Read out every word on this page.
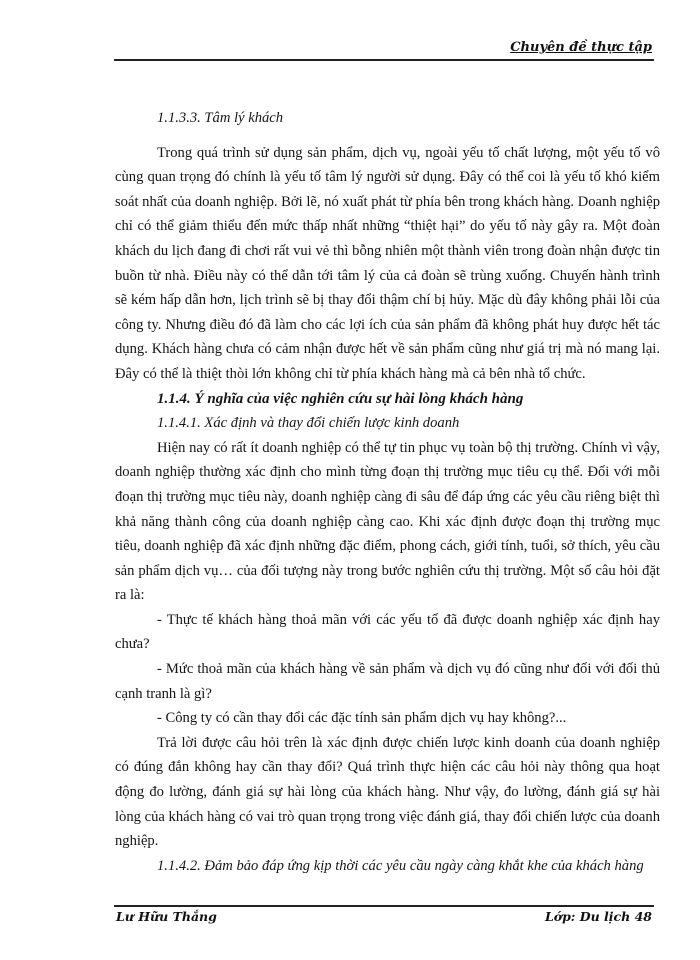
Chuyên đề thực tập

1.1.3.3. Tâm lý khách

Trong quá trình sử dụng sản phẩm, dịch vụ, ngoài yếu tố chất lượng, một yếu tố vô cùng quan trọng đó chính là yếu tố tâm lý người sử dụng. Đây có thể coi là yếu tố khó kiểm soát nhất của doanh nghiệp. Bởi lẽ, nó xuất phát từ phía bên trong khách hàng. Doanh nghiệp chỉ có thể giảm thiểu đến mức thấp nhất những “thiệt hại” do yếu tố này gây ra. Một đoàn khách du lịch đang đi chơi rất vui vẻ thì bỗng nhiên một thành viên trong đoàn nhận được tin buồn từ nhà. Điều này có thể dẫn tới tâm lý của cả đoàn sẽ trùng xuống. Chuyến hành trình sẽ kém hấp dẫn hơn, lịch trình sẽ bị thay đổi thậm chí bị hủy. Mặc dù đây không phải lỗi của công ty. Nhưng điều đó đã làm cho các lợi ích của sản phẩm đã không phát huy được hết tác dụng. Khách hàng chưa có cảm nhận được hết về sản phẩm cũng như giá trị mà nó mang lại. Đây có thể là thiệt thòi lớn không chỉ từ phía khách hàng mà cả bên nhà tổ chức.

1.1.4. Ý nghĩa của việc nghiên cứu sự hài lòng khách hàng

1.1.4.1. Xác định và thay đổi chiến lược kinh doanh

Hiện nay có rất ít doanh nghiệp có thể tự tin phục vụ toàn bộ thị trường. Chính vì vậy, doanh nghiệp thường xác định cho mình từng đoạn thị trường mục tiêu cụ thể. Đối với mỗi đoạn thị trường mục tiêu này, doanh nghiệp càng đi sâu để đáp ứng các yêu cầu riêng biệt thì khả năng thành công của doanh nghiệp càng cao. Khi xác định được đoạn thị trường mục tiêu, doanh nghiệp đã xác định những đặc điểm, phong cách, giới tính, tuổi, sở thích, yêu cầu sản phẩm dịch vụ… của đối tượng này trong bước nghiên cứu thị trường. Một số câu hỏi đặt ra là:

- Thực tế khách hàng thoả mãn với các yếu tố đã được doanh nghiệp xác định hay chưa?

- Mức thoả mãn của khách hàng về sản phẩm và dịch vụ đó cũng như đối với đối thủ cạnh tranh là gì?

- Công ty có cần thay đổi các đặc tính sản phẩm dịch vụ hay không?...

Trả lời được câu hỏi trên là xác định được chiến lược kinh doanh của doanh nghiệp có đúng đắn không hay cần thay đổi? Quá trình thực hiện các câu hỏi này thông qua hoạt động đo lường, đánh giá sự hài lòng của khách hàng. Như vậy, đo lường, đánh giá sự hài lòng của khách hàng có vai trò quan trọng trong việc đánh giá, thay đổi chiến lược của doanh nghiệp.

1.1.4.2. Đảm bảo đáp ứng kịp thời các yêu cầu ngày càng khắt khe của khách hàng

Lư Hữu Thắng	Lớp: Du lịch 48
